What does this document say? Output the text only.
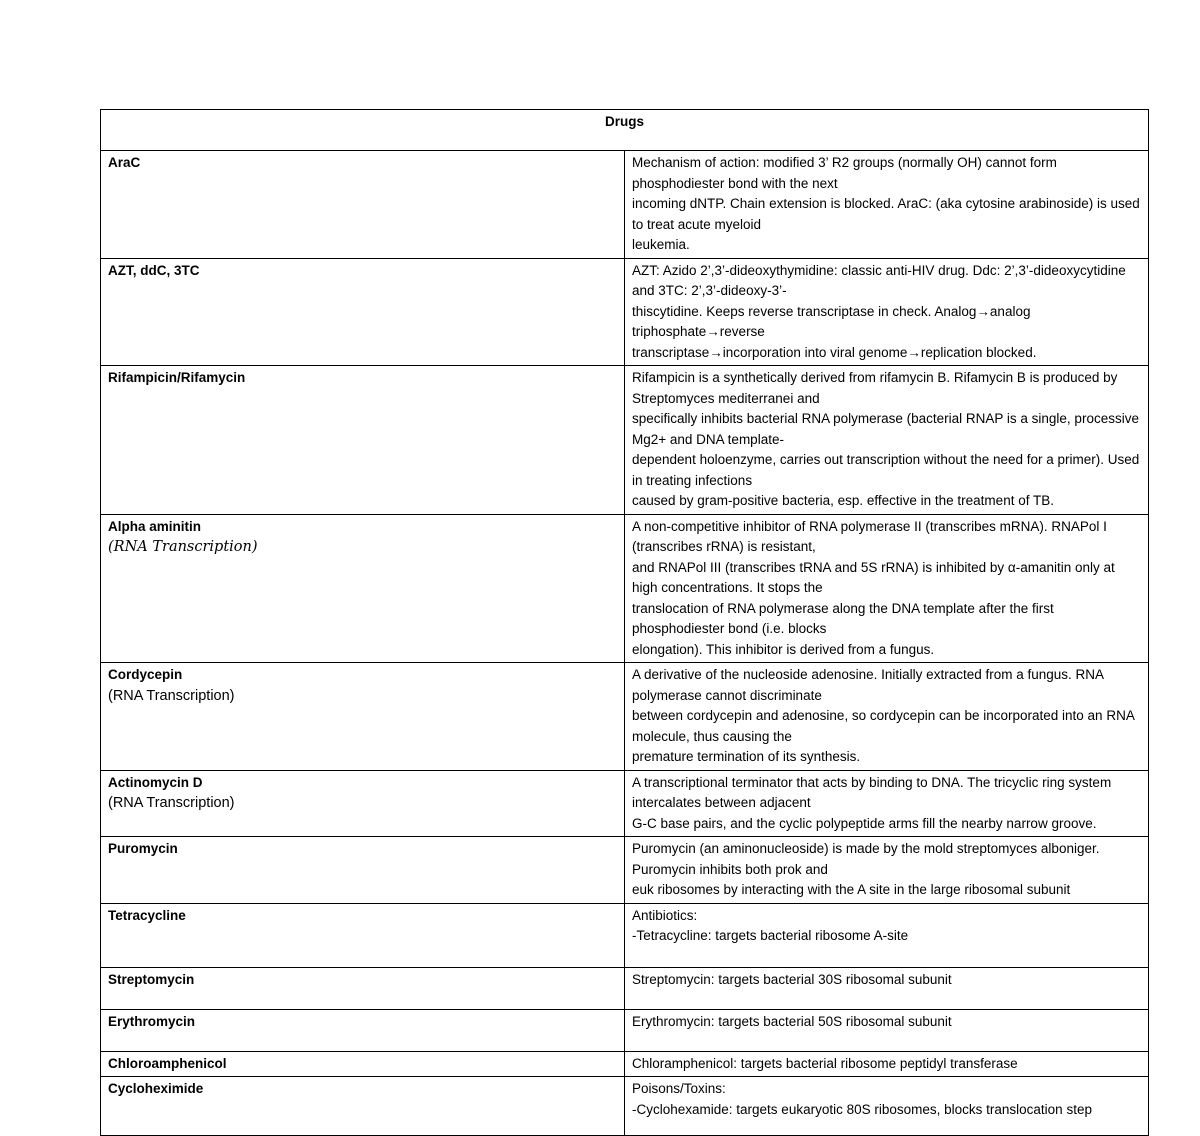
Drugs	
AraC	Mechanism of action: modified 3’ R2 groups (normally OH) cannot form phosphodiester bond with the next
incoming dNTP. Chain extension is blocked. AraC: (aka cytosine arabinoside) is used to treat acute myeloid
leukemia.

AZT, ddC, 3TC	AZT: Azido 2’,3’-dideoxythymidine: classic anti-HIV drug. Ddc: 2’,3’-dideoxycytidine and 3TC: 2’,3’-dideoxy-3’-
thiscytidine. Keeps reverse transcriptase in check. Analog→analog triphosphate→reverse
transcriptase→incorporation into viral genome→replication blocked.

Rifampicin/Rifamycin	Rifampicin is a synthetically derived from rifamycin B. Rifamycin B is produced by Streptomyces mediterranei and
specifically inhibits bacterial RNA polymerase (bacterial RNAP is a single, processive Mg2+ and DNA template-
dependent holoenzyme, carries out transcription without the need for a primer). Used in treating infections
caused by gram-positive bacteria, esp. effective in the treatment of TB.

Alpha aminitin
(RNA Transcription)	A non-competitive inhibitor of RNA polymerase II (transcribes mRNA). RNAPol I (transcribes rRNA) is resistant,
and RNAPol III (transcribes tRNA and 5S rRNA) is inhibited by α-amanitin only at high concentrations. It stops the
translocation of RNA polymerase along the DNA template after the first phosphodiester bond (i.e. blocks
elongation). This inhibitor is derived from a fungus.

Cordycepin
(RNA Transcription)	A derivative of the nucleoside adenosine. Initially extracted from a fungus. RNA polymerase cannot discriminate
between cordycepin and adenosine, so cordycepin can be incorporated into an RNA molecule, thus causing the
premature termination of its synthesis.

Actinomycin D
(RNA Transcription)	A transcriptional terminator that acts by binding to DNA. The tricyclic ring system intercalates between adjacent
G-C base pairs, and the cyclic polypeptide arms fill the nearby narrow groove.

Puromycin	Puromycin (an aminonucleoside) is made by the mold streptomyces alboniger. Puromycin inhibits both prok and
euk ribosomes by interacting with the A site in the large ribosomal subunit

Tetracycline	Antibiotics:
-Tetracycline: targets bacterial ribosome A-site

Streptomycin	Streptomycin: targets bacterial 30S ribosomal subunit

Erythromycin	Erythromycin: targets bacterial 50S ribosomal subunit

Chloroamphenicol	Chloramphenicol: targets bacterial ribosome peptidyl transferase

Cycloheximide	Poisons/Toxins:
-Cyclohexamide: targets eukaryotic 80S ribosomes, blocks translocation step
